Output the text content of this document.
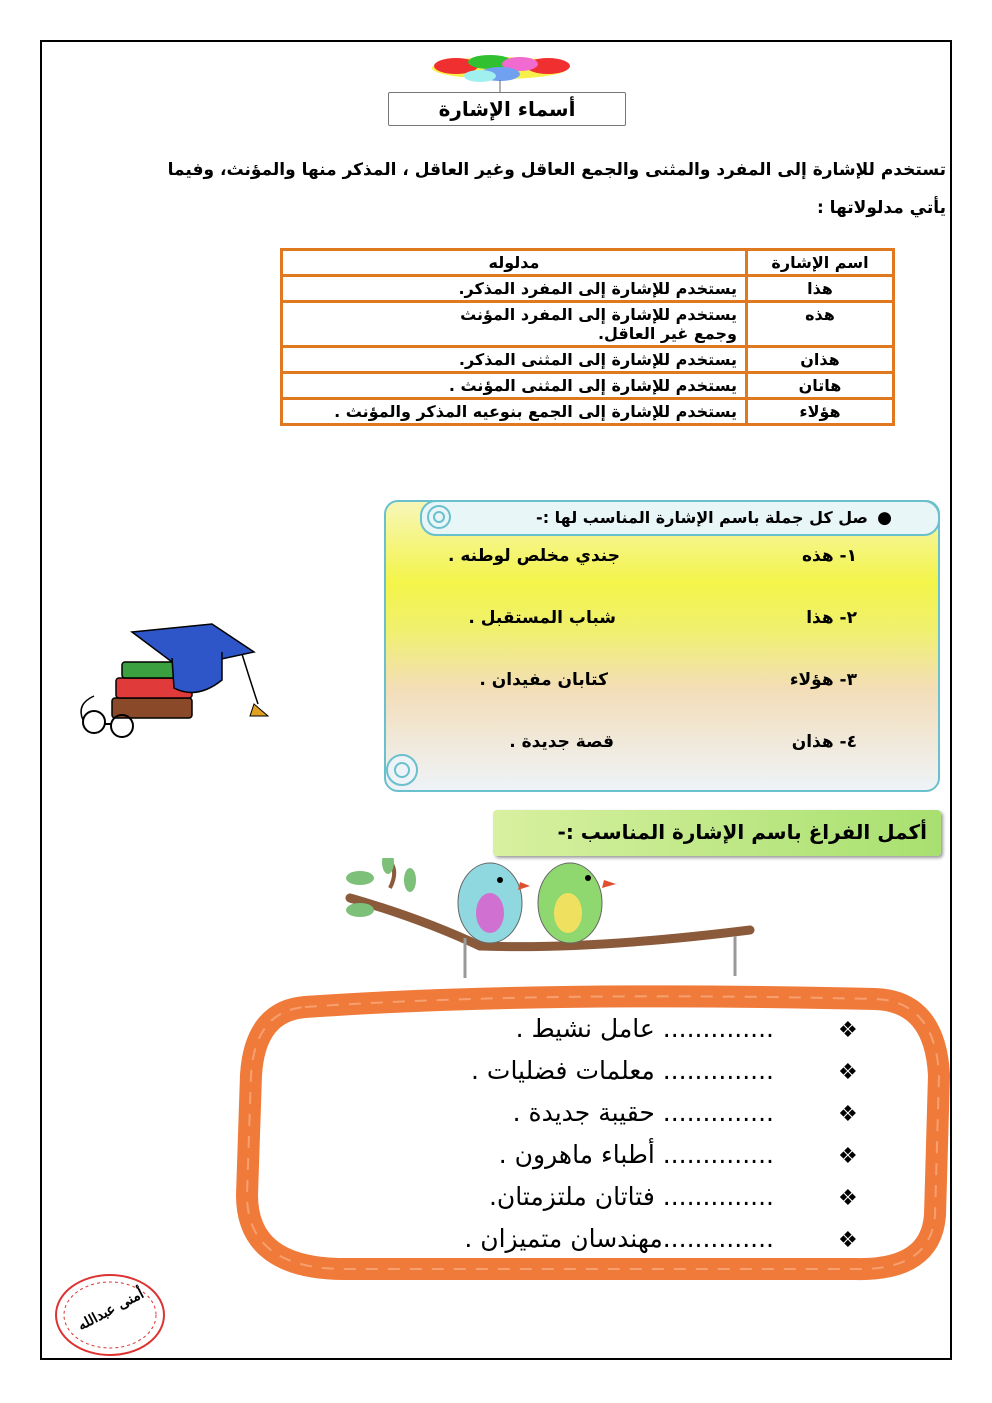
أسماء الإشارة
تستخدم للإشارة إلى المفرد والمثنى والجمع العاقل وغير العاقل ، المذكر منها والمؤنث، وفيما
يأتي مدلولاتها :
اسم الإشارة	مدلوله
هذا	يستخدم للإشارة إلى المفرد المذكر.
هذه	يستخدم للإشارة إلى المفرد المؤنث وجمع غير العاقل.
هذان	يستخدم للإشارة إلى المثنى المذكر.
هاتان	يستخدم للإشارة إلى المثنى المؤنث .
هؤلاء	يستخدم للإشارة إلى الجمع بنوعيه المذكر والمؤنث .
●
صل كل جملة باسم الإشارة المناسب لها :-
١- هذه
جندي مخلص لوطنه .
٢- هذا
شباب المستقبل .
٣- هؤلاء
كتابان مفيدان .
٤- هذان
قصة جديدة .
أكمل الفراغ باسم الإشارة المناسب :-
❖
.............. عامل نشيط .
❖
.............. معلمات فضليات .
❖
.............. حقيبة جديدة .
❖
.............. أطباء ماهرون .
❖
.............. فتاتان ملتزمتان.
❖
..............مهندسان متميزان .
أمنى عبدالله
